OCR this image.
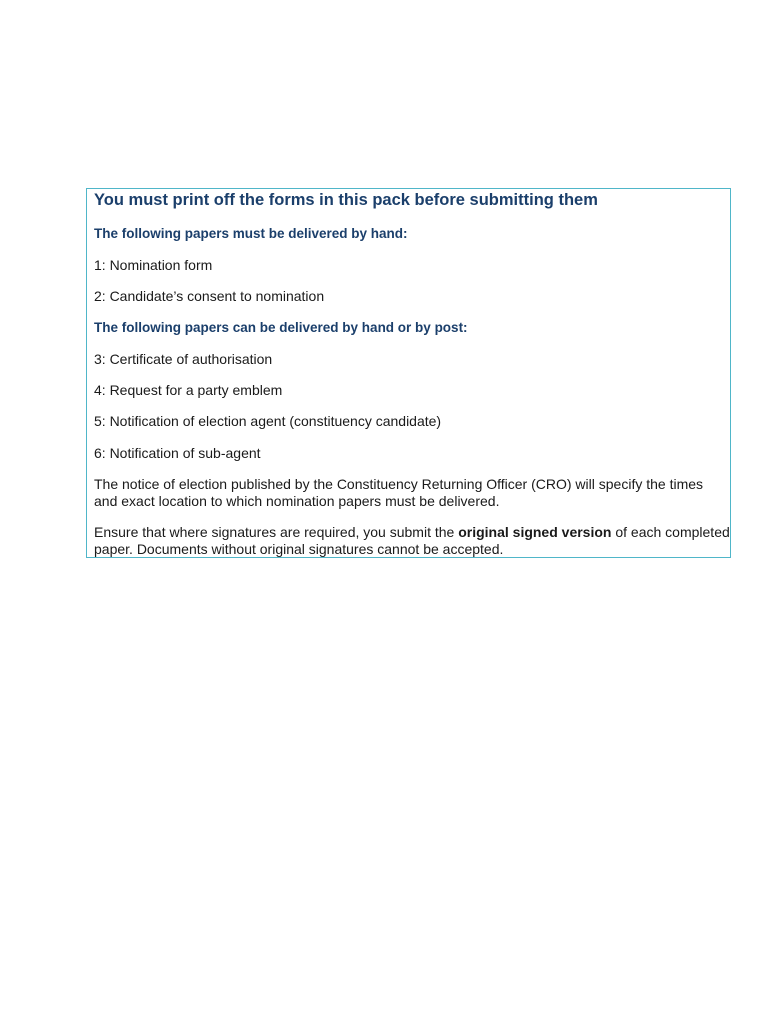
You must print off the forms in this pack before submitting them
The following papers must be delivered by hand:
1: Nomination form
2: Candidate’s consent to nomination
The following papers can be delivered by hand or by post:
3: Certificate of authorisation
4: Request for a party emblem
5: Notification of election agent (constituency candidate)
6: Notification of sub-agent
The notice of election published by the Constituency Returning Officer (CRO) will specify the times and exact location to which nomination papers must be delivered.
Ensure that where signatures are required, you submit the original signed version of each completed paper. Documents without original signatures cannot be accepted.
